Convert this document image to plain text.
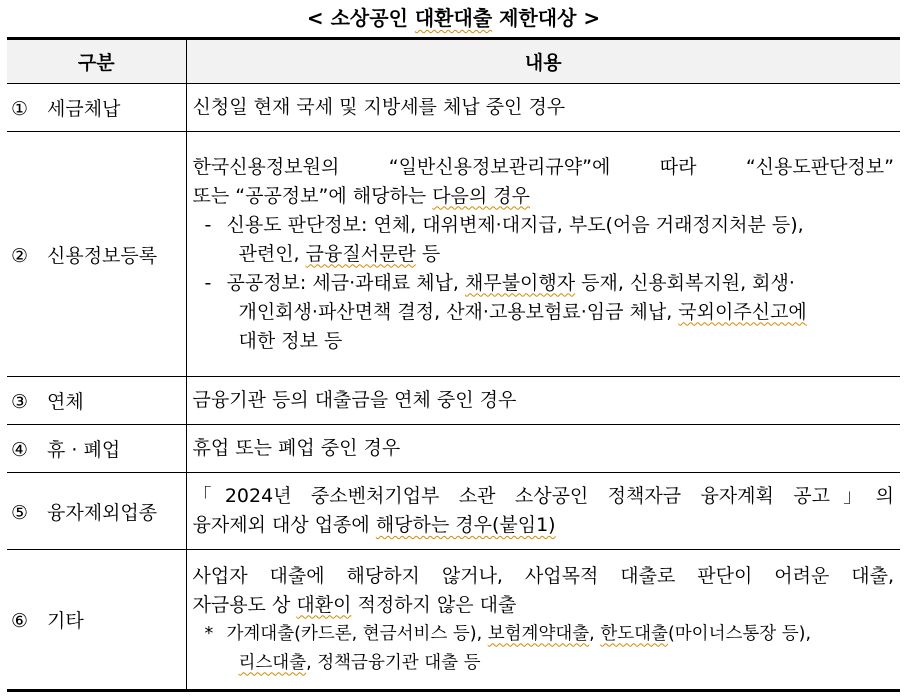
< 소상공인 대환대출 제한대상 >
구분	내용
① 세금체납	신청일 현재 국세 및 지방세를 체납 중인 경우

② 신용정보등록	
한국신용정보원의 “일반신용정보관리규약”에 따라 “신용도판단정보”
또는 “공공정보”에 해당하는 다음의 경우
- 신용도 판단정보: 연체, 대위변제·대지급, 부도(어음 거래정지처분 등),
관련인, 금융질서문란 등
- 공공정보: 세금·과태료 체납, 채무불이행자 등재, 신용회복지원, 회생·
개인회생·파산면책 결정, 산재·고용보험료·임금 체납, 국외이주신고에
대한 정보 등

③ 연체	금융기관 등의 대출금을 연체 중인 경우

④ 휴 · 폐업	휴업 또는 폐업 중인 경우

⑤ 융자제외업종	「2024년 중소벤처기업부 소관 소상공인 정책자금 융자계획 공고」의
융자제외 대상 업종에 해당하는 경우(붙임1)

⑥ 기타	사업자 대출에 해당하지 않거나, 사업목적 대출로 판단이 어려운 대출,
자금용도 상 대환이 적정하지 않은 대출
* 가계대출(카드론, 현금서비스 등), 보험계약대출, 한도대출(마이너스통장 등),
리스대출, 정책금융기관 대출 등
